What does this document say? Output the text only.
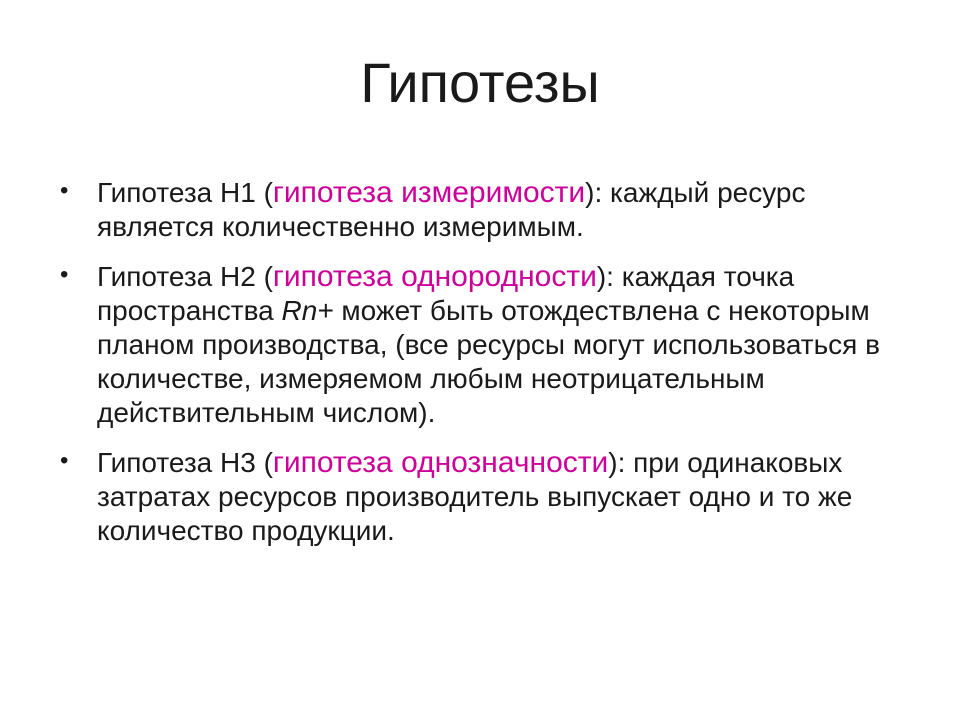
Гипотезы
• Гипотеза H1 (гипотеза измеримости): каждый ресурс является количественно измеримым.
• Гипотеза H2 (гипотеза однородности): каждая точка пространства Rn+ может быть отождествлена с некоторым планом производства, (все ресурсы могут использоваться в количестве, измеряемом любым неотрицательным действительным числом).
• Гипотеза H3 (гипотеза однозначности): при одинаковых затратах ресурсов производитель выпускает одно и то же количество продукции.
